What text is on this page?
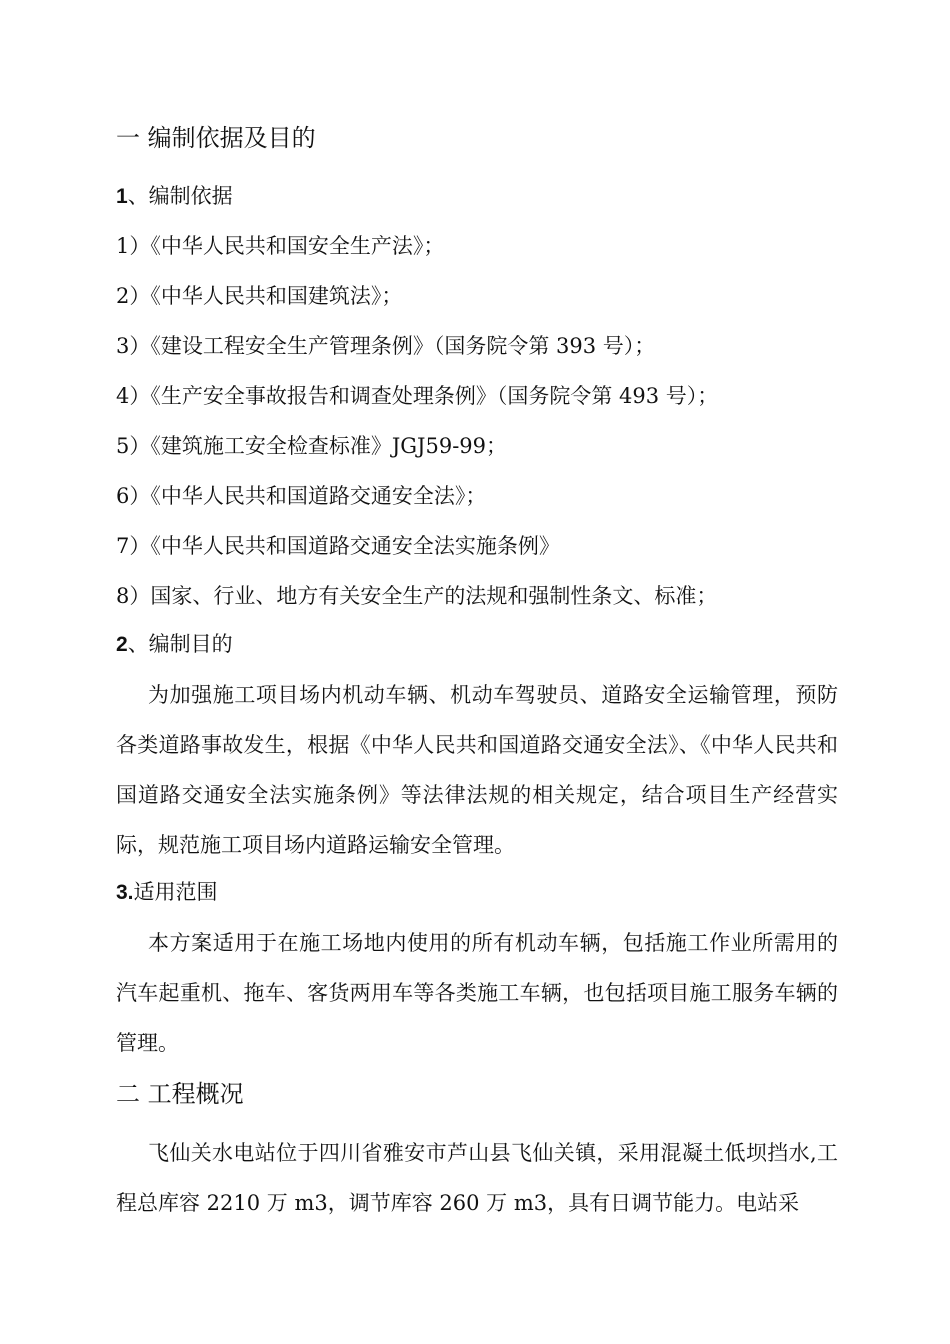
一 编制依据及目的
1、编制依据
1）《中华人民共和国安全生产法》；
2）《中华人民共和国建筑法》；
3）《建设工程安全生产管理条例》（国务院令第 393 号）；
4）《生产安全事故报告和调查处理条例》（国务院令第 493 号）；
5）《建筑施工安全检查标准》JGJ59-99；
6）《中华人民共和国道路交通安全法》；
7）《中华人民共和国道路交通安全法实施条例》
8）国家、行业、地方有关安全生产的法规和强制性条文、标准；
2、编制目的
为加强施工项目场内机动车辆、机动车驾驶员、道路安全运输管理，预防各类道路事故发生，根据《中华人民共和国道路交通安全法》、《中华人民共和国道路交通安全法实施条例》等法律法规的相关规定，结合项目生产经营实际，规范施工项目场内道路运输安全管理。
3.适用范围
本方案适用于在施工场地内使用的所有机动车辆，包括施工作业所需用的汽车起重机、拖车、客货两用车等各类施工车辆，也包括项目施工服务车辆的管理。
二 工程概况
飞仙关水电站位于四川省雅安市芦山县飞仙关镇，采用混凝土低坝挡水,工程总库容 2210 万 m3，调节库容 260 万 m3，具有日调节能力。电站采
